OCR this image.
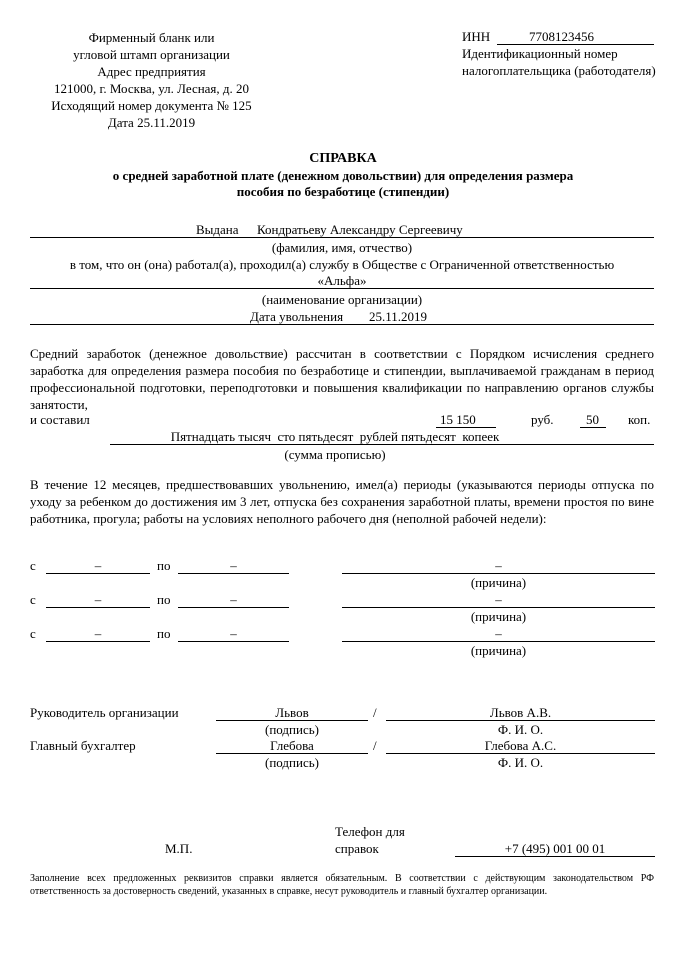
Фирменный бланк или
угловой штамп организации
Адрес предприятия
121000, г. Москва, ул. Лесная, д. 20
Исходящий номер документа № 125
Дата 25.11.2019
ИНН	7708123456
Идентификационный номер
налогоплательщика (работодателя)
СПРАВКА
о средней заработной плате (денежном довольствии) для определения размера
пособия по безработице (стипендии)
Выдана Кондратьеву Александру Сергеевичу
(фамилия, имя, отчество)
в том, что он (она) работал(а), проходил(а) службу в Обществе с Ограниченной ответственностью
«Альфа»
(наименование организации)
Дата увольнения 25.11.2019
Средний заработок (денежное довольствие) рассчитан в соответствии с Порядком исчисления среднего заработка для определения размера пособия по безработице и стипендии, выплачиваемой гражданам в период профессиональной подготовки, переподготовки и повышения квалификации по направлению органов службы занятости,
и составил	15 150	руб. 50 коп.
Пятнадцать тысяч  сто пятьдесят  рублей пятьдесят  копеек
(сумма прописью)
В течение 12 месяцев, предшествовавших увольнению, имел(а) периоды (указываются периоды отпуска по уходу за ребенком до достижения им 3 лет, отпуска без сохранения заработной платы, времени простоя по вине работника, прогула; работы на условиях неполного рабочего дня (неполной рабочей недели):
с	–	по	–	–
(причина)
с	–	по	–	–
(причина)
с	–	по	–	–
(причина)
Руководитель организации	Львов	/	Львов А.В.
(подпись)	Ф. И. О.
Главный бухгалтер	Глебова	/	Глебова А.С.
(подпись)	Ф. И. О.
Телефон для
М.П.	справок	+7 (495) 001 00 01
Заполнение всех предложенных реквизитов справки является обязательным. В соответствии с действующим законодательством РФ ответственность за достоверность сведений, указанных в справке, несут руководитель и главный бухгалтер организации.
